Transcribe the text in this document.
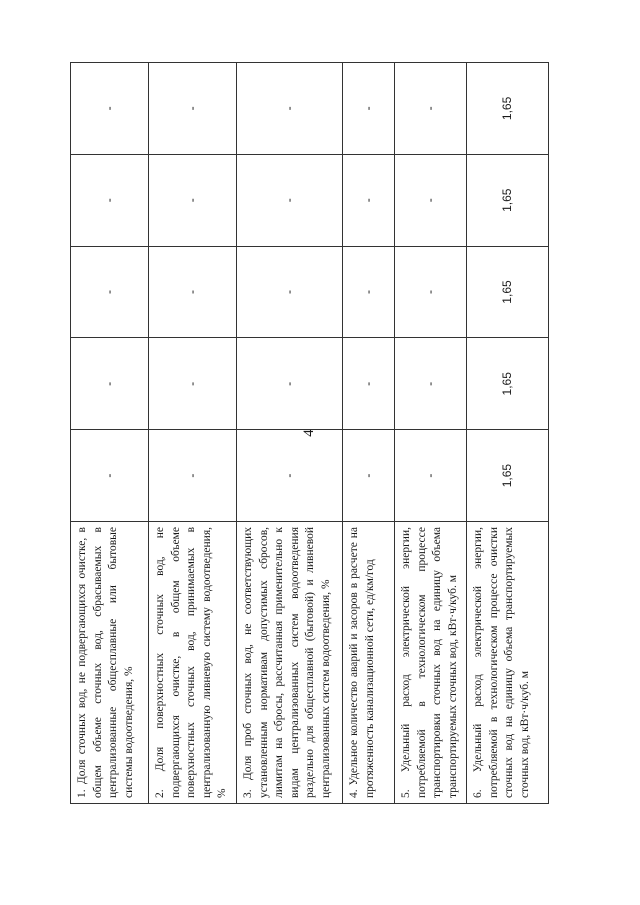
4
1. Доля сточных вод, не подвергающихся очистке, в общем объеме сточных вод, сбрасываемых в централизованные общесплавные или бытовые системы водоотведения, %	-	-	-	-	-
2. Доля поверхностных сточных вод, не подвергающихся очистке, в общем объеме поверхностных сточных вод, принимаемых в централизованную ливневую систему водоотведения, %	-	-	-	-	-
3. Доля проб сточных вод, не соответствующих установленным нормативам допустимых сбросов, лимитам на сбросы, рассчитанная применительно к видам централизованных систем водоотведения раздельно для общесплавной (бытовой) и ливневой централизованных систем водоотведения, %	-	-	-	-	-
4. Удельное количество аварий и засоров в расчете на протяженность канализационной сети, ед/км/год	-	-	-	-	-
5. Удельный расход электрической энергии, потребляемой в технологическом процессе транспортировки сточных вод на единицу объема транспортируемых сточных вод, кВт·ч/куб. м	-	-	-	-	-
6. Удельный расход электрической энергии, потребляемой в технологическом процессе очистки сточных вод на единицу объема транспортируемых сточных вод, кВт·ч/куб. м	1,65	1,65	1,65	1,65	1,65
